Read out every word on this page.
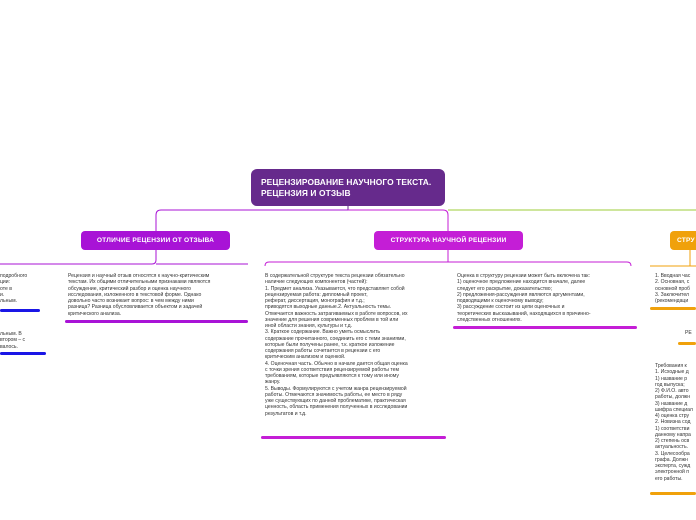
РЕЦЕНЗИРОВАНИЕ НАУЧНОГО ТЕКСТА. РЕЦЕНЗИЯ И ОТЗЫВ
ОТЛИЧИЕ РЕЦЕНЗИИ ОТ ОТЗЫВА	СТРУКТУРА НАУЧНОЙ РЕЦЕНЗИИ	СТРУ

подробного
ции:
оте в
и.
льным.

льным. В
втором – с
валось.

Рецензия и научный отзыв относятся к научно-критическим
текстам. Их общими отличительными признаками являются
обсуждение, критический разбор и оценка научного
исследования, изложенного в текстовой форме. Однако
довольно часто возникает вопрос: в чем между ними
разница? Разница обусловливается объектом и задачей
критического анализа.

В содержательной структуре текста рецензии обязательно
наличие следующих компонентов (частей):
1. Предмет анализа. Указывается, что представляет собой
рецензируемая работа: дипломный проект,
реферат, диссертация, монография и т.д.;
приводятся выходные данные.2. Актуальность темы.
Отмечается важность затрагиваемых в работе вопросов, их
значение для решения современных проблем в той или
иной области знания, культуры и т.д.
3. Краткое содержание. Важно уметь осмыслить
содержание прочитанного, соединить его с теми знаниями,
которые были получены ранее, т.к. краткое изложение
содержания работы сочетается в рецензии с его
критическим анализом и оценкой.
4. Оценочная часть. Обычно в начале дается общая оценка
с точки зрения соответствия рецензируемой работы тем
требованиям, которые предъявляются к тому или иному
жанру.
5. Выводы. Формулируются с учетом жанра рецензируемой
работы. Отмечаются значимость работы, ее место в ряду
уже существующих по данной проблематике, практическая
ценность, область применения полученных в исследовании
результатов и т.д.

Оценка в структуру рецензии может быть включена так:
1) оценочное предложение находится вначале, далее
следует его раскрытие, доказательство;
2) предложения-рассуждения являются аргументами,
подводящими к оценочному выводу;
3) рассуждение состоит из цепи оценочных и
теоретических высказываний, находящихся в причинно-
следственных отношениях.

1. Вводная час
2. Основная, с
основной проб
3. Заключител
(рекомендаци

РЕ

Требования к
1. Исходные д
1) название р
год выпуска;
2) Ф.И.О. авто
работы, должн
3) название д
шифра специал
4) оценка стру
2. Новизна сод
1) соответстви
данному напра
2) степень осв
актуальность.
3. Целесообра
графа. Должн
эксперта, сужд
электронной п
его работы.
